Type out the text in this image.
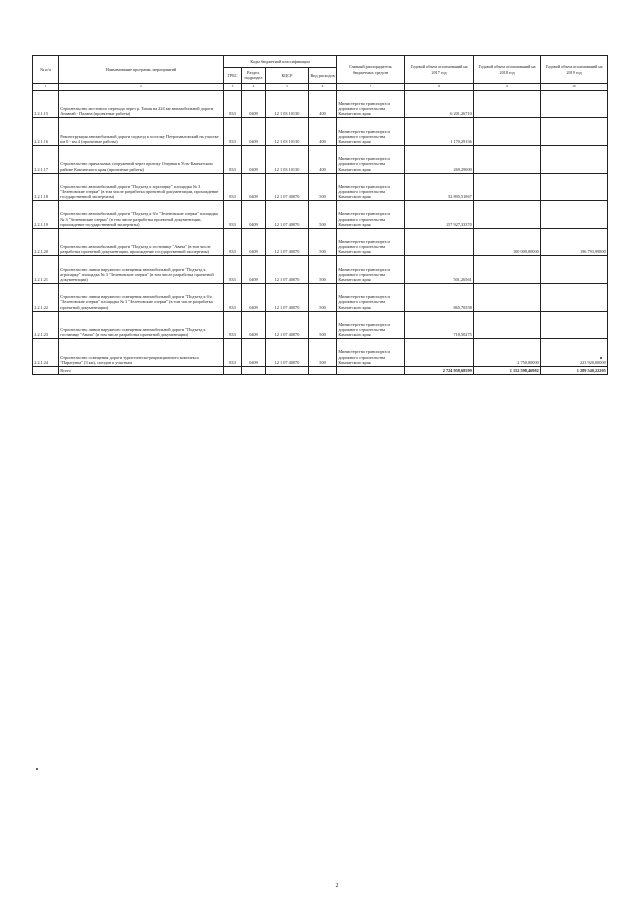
№ п/п	Наименование программ, мероприятий	Коды бюджетной классификации				Главный распорядитель бюджетных средств	Годовой объем ассигнований на 2017 год	Годовой объем ассигнований на 2018 год	Годовой объем ассигнований на 2019 год
		ГРБС	Раздел, подраздел	КЦСР	Вид расходов				
1	2	3	4	5	6	7	8	9	10
2.2.1.15	Строительство мостового перехода через р. Тихая на 224 км автомобильной дороги Анавгай - Палана (проектные работы)	833	0409	12 1 03 10130	400	Министерство транспорта и дорожного строительства Камчатского края	6 201,26710		
2.2.1.16	Реконструкция автомобильной дороги подъезд к поселку Петропавловский на участке км 0 - км 4 (проектные работы)	833	0409	12 1 03 10130	400	Министерство транспорта и дорожного строительства Камчатского края	1 170,29136		
2.2.1.17	Строительство причальных сооружений через протоку Озерная в Усть-Камчатском районе Камчатского края (проектные работы)	833	0409	12 1 03 10130	400	Министерство транспорта и дорожного строительства Камчатского края	269,29000		
2.2.1.18	Строительство автомобильной дороги "Подъезд к агропарку" площадка № 3 "Зеленовские озерки" (в том числе разработка проектной документации, прохождение государственной экспертизы)	833	0409	12 1 07 40070	500	Министерство транспорта и дорожного строительства Камчатского края	52 895,51867		
2.2.1.19	Строительство автомобильной дороги "Подъезд к б/о "Зеленовские озерки" площадка № 3 "Зеленовские озерки" (в том числе разработка проектной документации, прохождение государственной экспертизы)	833	0409	12 1 07 40070	500	Министерство транспорта и дорожного строительства Камчатского края	157 927,33370		
2.2.1.20	Строительство автомобильной дороги "Подъезд к гостинице "Авача" (в том числе разработка проектной документации, прохождение государственной экспертизы)	833	0409	12 1 07 40070	500	Министерство транспорта и дорожного строительства Камчатского края		100 000,00000	196 793,99800
2.2.1.21	Строительство линии наружного освещения автомобильной дороги "Подъезд к агропарку" площадка № 3 "Зеленовские озерки" (в том числе разработка проектной документации)	833	0409	12 1 07 40070	500	Министерство транспорта и дорожного строительства Камчатского края	501,26561		
2.2.1.22	Строительство линии наружного освещения автомобильной дороги "Подъезд к б/о "Зеленовские озерки" площадка № 3 "Зеленовские озерки" (в том числе разработка проектной документации)	833	0409	12 1 07 40070	500	Министерство транспорта и дорожного строительства Камчатского края	865,70558		
2.2.1.23	Строительство линии наружного освещения автомобильной дороги "Подъезд к гостинице "Авача" (в том числе разработка проектной документации)	833	0409	12 1 07 40070	500	Министерство транспорта и дорожного строительства Камчатского края	710,50275		
2.2.1.24	Строительство освещения дороги туристическо-рекреационного комплекса "Паратунка" (3 км), съездов к участкам	833	0409	12 1 07 40070	500	Министерство транспорта и дорожного строительства Камчатского края		2 750,00000	223 920,00000
	Всего						2 724 958,68599	1 152 598,46982	1 289 540,22205
2
